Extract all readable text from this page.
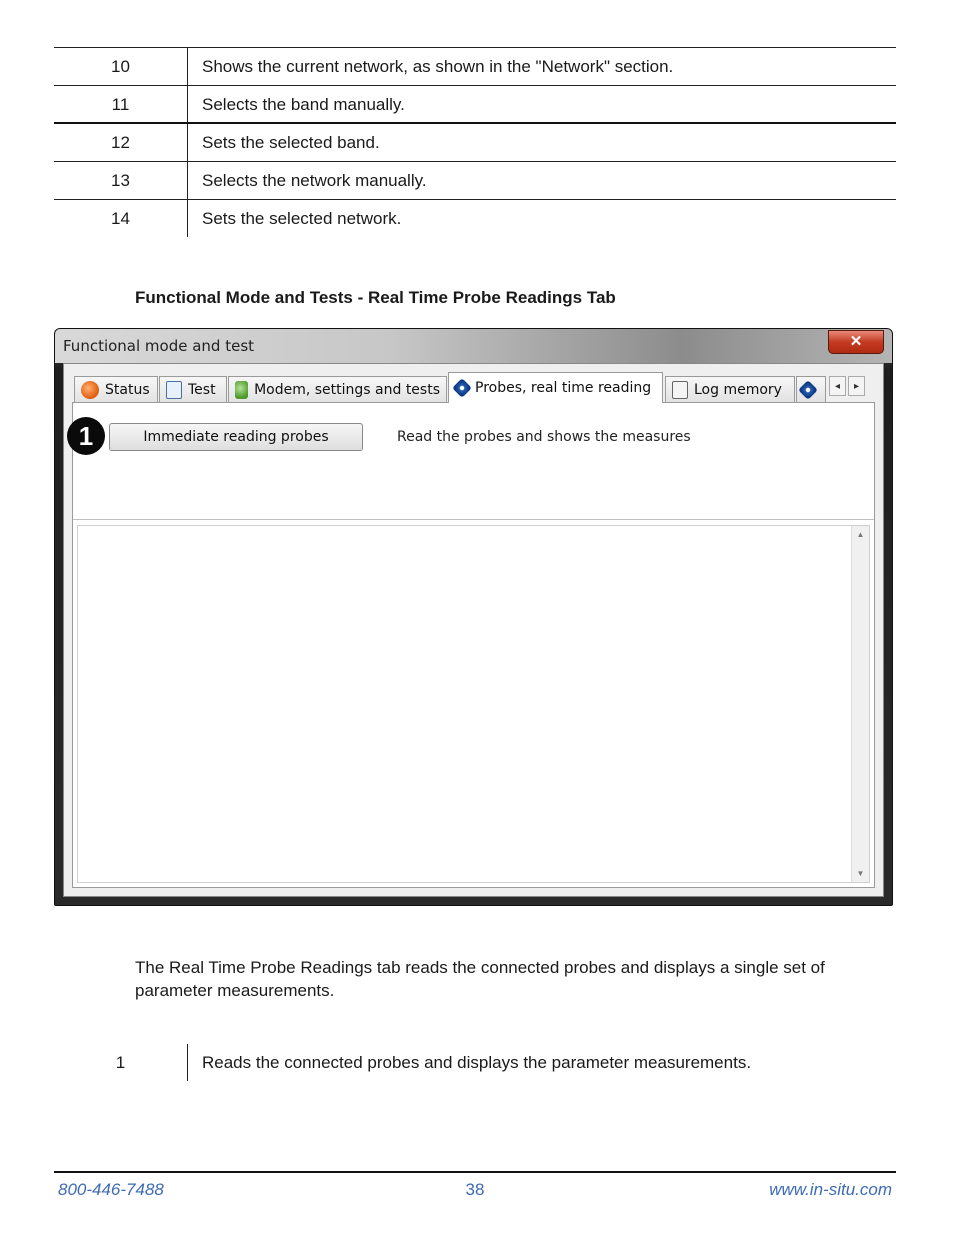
10	Shows the current network, as shown in the "Network" section.
11	Selects the band manually.
12	Sets the selected band.
13	Selects the network manually.
14	Sets the selected network.
Functional Mode and Tests - Real Time Probe Readings Tab
Functional mode and test	✕
Status	Test	Modem, settings and tests	Probes, real time reading	Log memory	◂	▸
1	Immediate reading probes	Read the probes and shows the measures
▲
▼
The Real Time Probe Readings tab reads the connected probes and displays a single set of parameter measurements.
1	Reads the connected probes and displays the parameter measurements.
800-446-7488	38	www.in-situ.com
